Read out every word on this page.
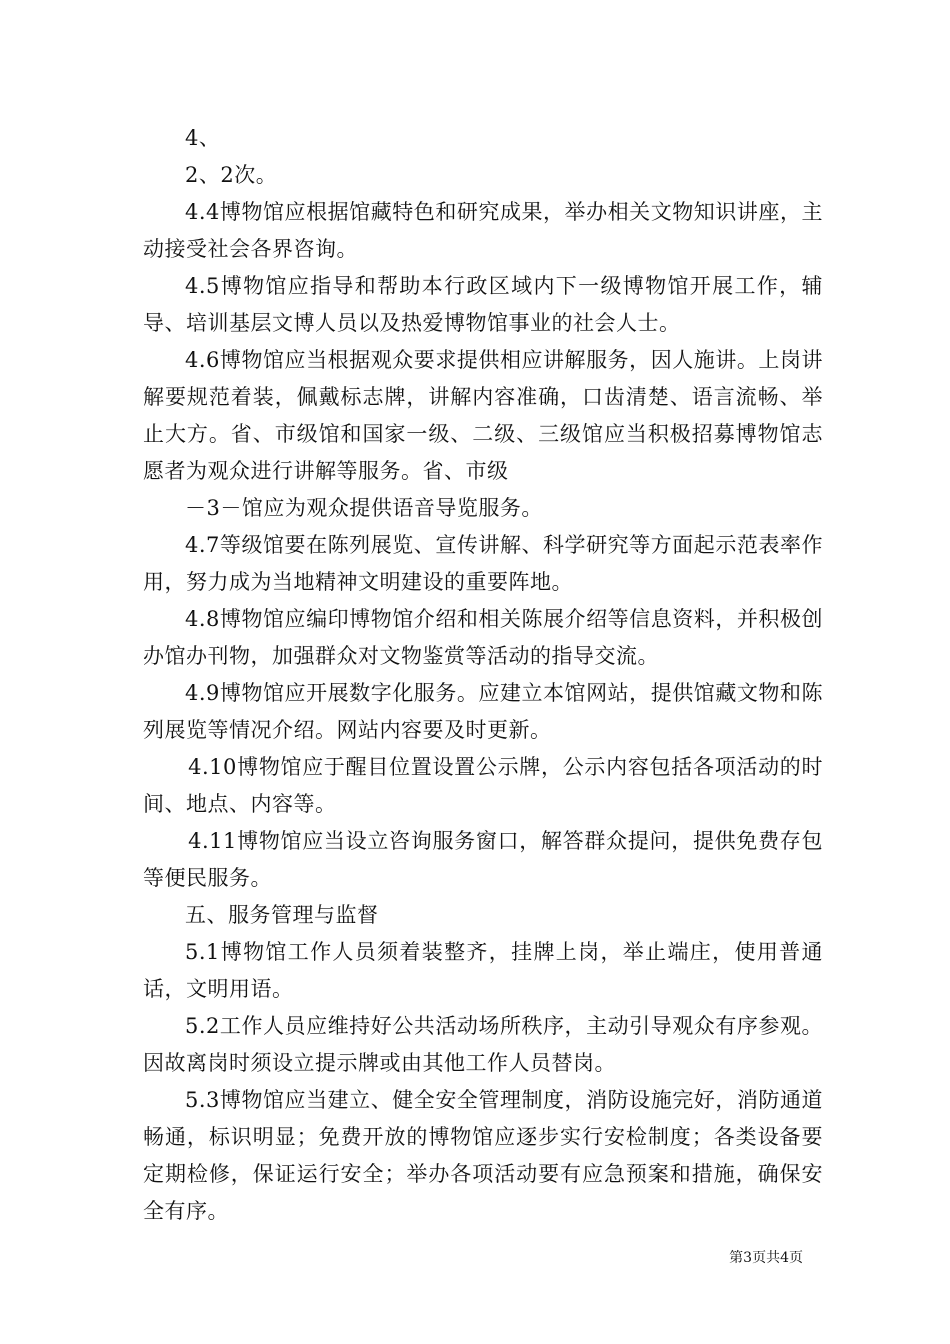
4、

2、2次。

4.4博物馆应根据馆藏特色和研究成果，举办相关文物知识讲座，主动接受社会各界咨询。

4.5博物馆应指导和帮助本行政区域内下一级博物馆开展工作，辅导、培训基层文博人员以及热爱博物馆事业的社会人士。

4.6博物馆应当根据观众要求提供相应讲解服务，因人施讲。上岗讲解要规范着装，佩戴标志牌，讲解内容准确，口齿清楚、语言流畅、举止大方。省、市级馆和国家一级、二级、三级馆应当积极招募博物馆志愿者为观众进行讲解等服务。省、市级

－3－馆应为观众提供语音导览服务。

4.7等级馆要在陈列展览、宣传讲解、科学研究等方面起示范表率作用，努力成为当地精神文明建设的重要阵地。

4.8博物馆应编印博物馆介绍和相关陈展介绍等信息资料，并积极创办馆办刊物，加强群众对文物鉴赏等活动的指导交流。

4.9博物馆应开展数字化服务。应建立本馆网站，提供馆藏文物和陈列展览等情况介绍。网站内容要及时更新。

4.10博物馆应于醒目位置设置公示牌，公示内容包括各项活动的时间、地点、内容等。

4.11博物馆应当设立咨询服务窗口，解答群众提问，提供免费存包等便民服务。

五、服务管理与监督

5.1博物馆工作人员须着装整齐，挂牌上岗，举止端庄，使用普通话，文明用语。

5.2工作人员应维持好公共活动场所秩序，主动引导观众有序参观。因故离岗时须设立提示牌或由其他工作人员替岗。

5.3博物馆应当建立、健全安全管理制度，消防设施完好，消防通道畅通，标识明显；免费开放的博物馆应逐步实行安检制度；各类设备要定期检修，保证运行安全；举办各项活动要有应急预案和措施，确保安全有序。

第3页共4页
